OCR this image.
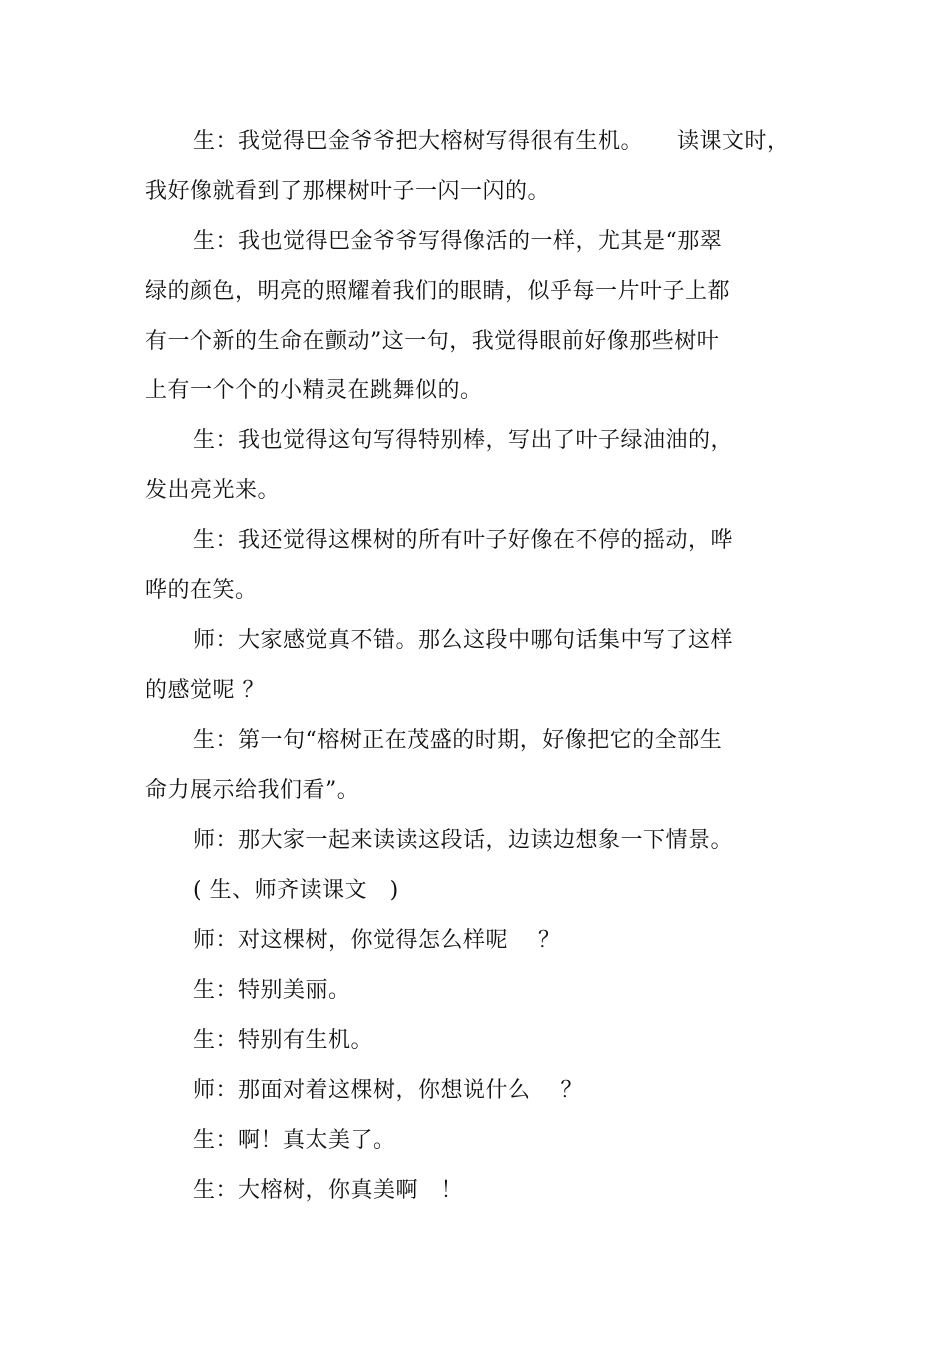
生：我觉得巴金爷爷把大榕树写得很有生机。　　读课文时，
我好像就看到了那棵树叶子一闪一闪的。
生：我也觉得巴金爷爷写得像活的一样，尤其是“那翠
绿的颜色，明亮的照耀着我们的眼睛，似乎每一片叶子上都
有一个新的生命在颤动”这一句，我觉得眼前好像那些树叶
上有一个个的小精灵在跳舞似的。
生：我也觉得这句写得特别棒，写出了叶子绿油油的，
发出亮光来。
生：我还觉得这棵树的所有叶子好像在不停的摇动，哗
哗的在笑。
师：大家感觉真不错。那么这段中哪句话集中写了这样
的感觉呢 ？
生：第一句“榕树正在茂盛的时期，好像把它的全部生
命力展示给我们看”。
师：那大家一起来读读这段话，边读边想象一下情景。
( 生、师齐读课文　)
师：对这棵树，你觉得怎么样呢　 ？
生：特别美丽。
生：特别有生机。
师：那面对着这棵树，你想说什么　 ？
生：啊！真太美了。
生：大榕树，你真美啊　！
